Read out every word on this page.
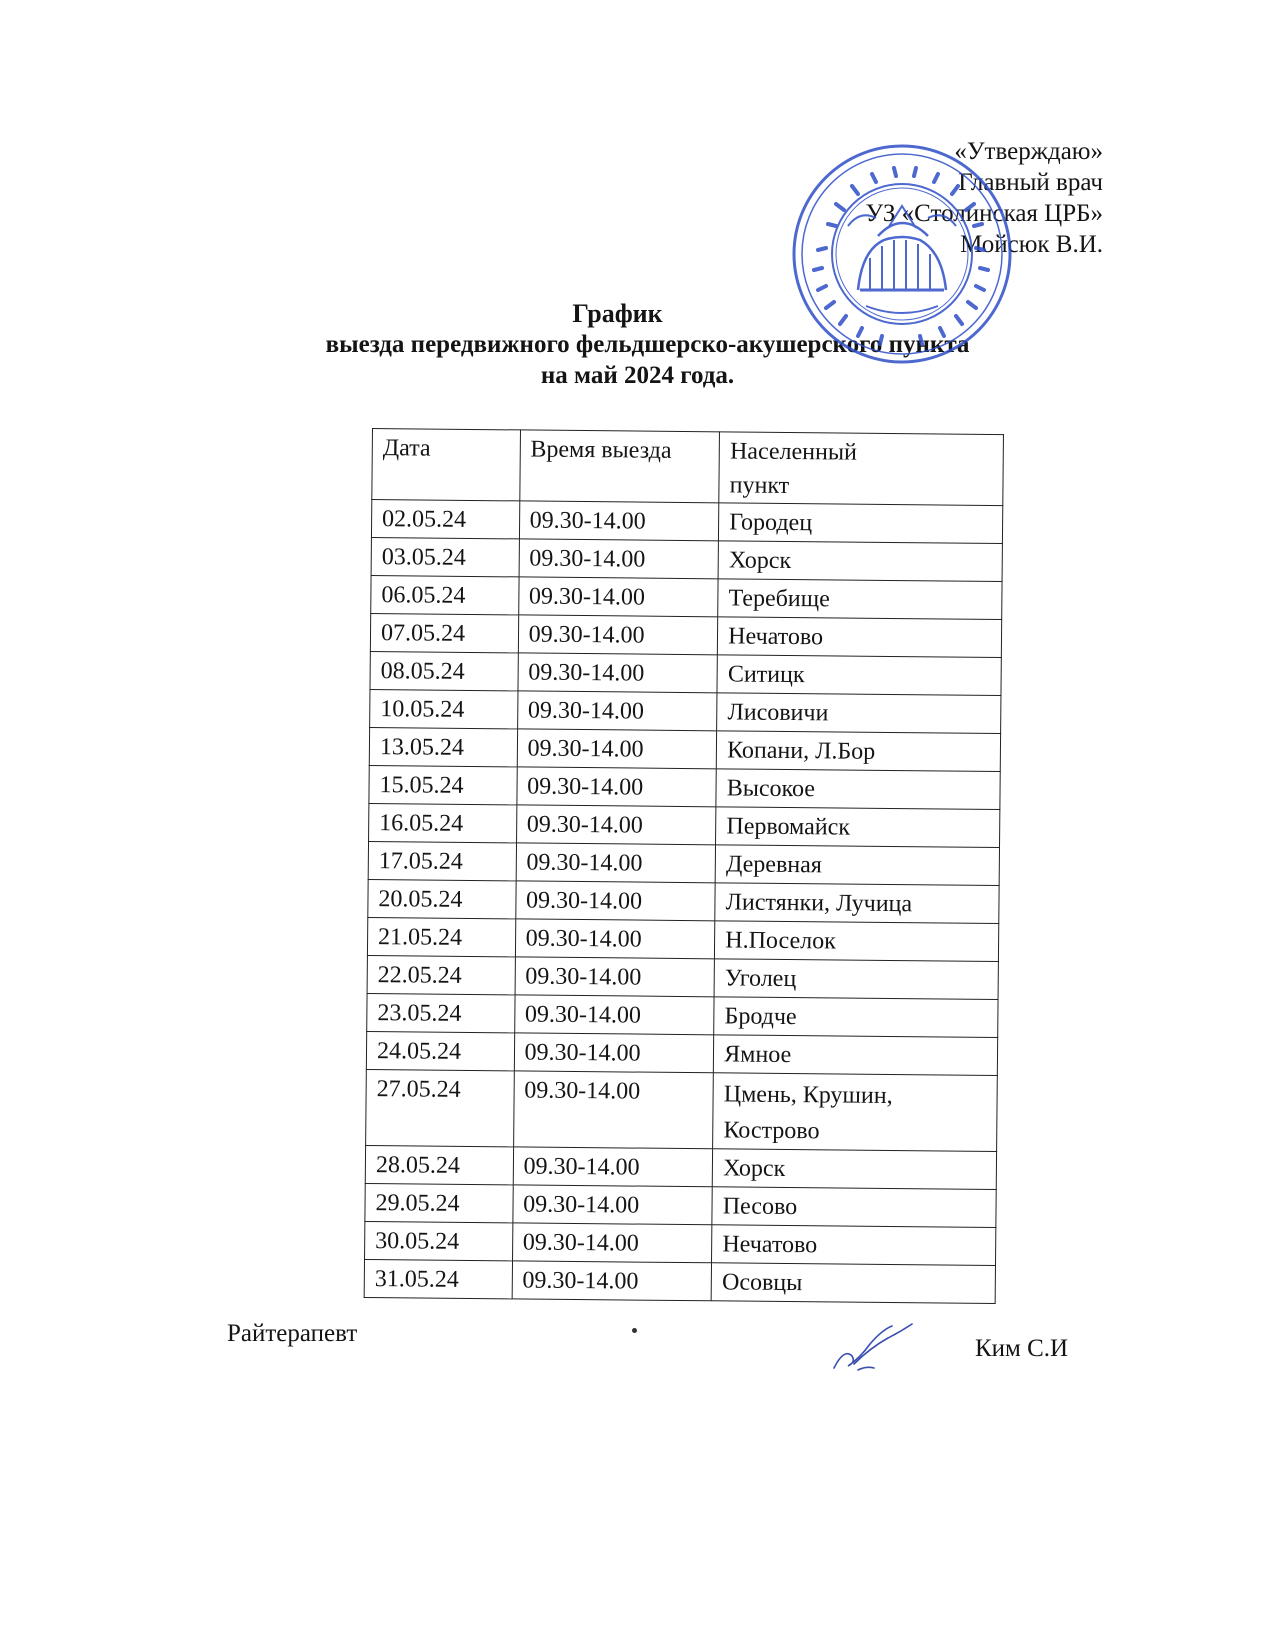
«Утверждаю»
Главный врач
УЗ «Столинская ЦРБ»
Мойсюк В.И.
График
выезда передвижного фельдшерско-акушерского пункта
на май 2024 года.
Дата	Время выезда	Населенный пункт
02.05.24	09.30-14.00	Городец
03.05.24	09.30-14.00	Хорск
06.05.24	09.30-14.00	Теребище
07.05.24	09.30-14.00	Нечатово
08.05.24	09.30-14.00	Ситицк
10.05.24	09.30-14.00	Лисовичи
13.05.24	09.30-14.00	Копани, Л.Бор
15.05.24	09.30-14.00	Высокое
16.05.24	09.30-14.00	Первомайск
17.05.24	09.30-14.00	Деревная
20.05.24	09.30-14.00	Листянки, Лучица
21.05.24	09.30-14.00	Н.Поселок
22.05.24	09.30-14.00	Уголец
23.05.24	09.30-14.00	Бродче
24.05.24	09.30-14.00	Ямное
27.05.24	09.30-14.00	Цмень, Крушин, Кострово
28.05.24	09.30-14.00	Хорск
29.05.24	09.30-14.00	Песово
30.05.24	09.30-14.00	Нечатово
31.05.24	09.30-14.00	Осовцы
Райтерапевт
Ким С.И
